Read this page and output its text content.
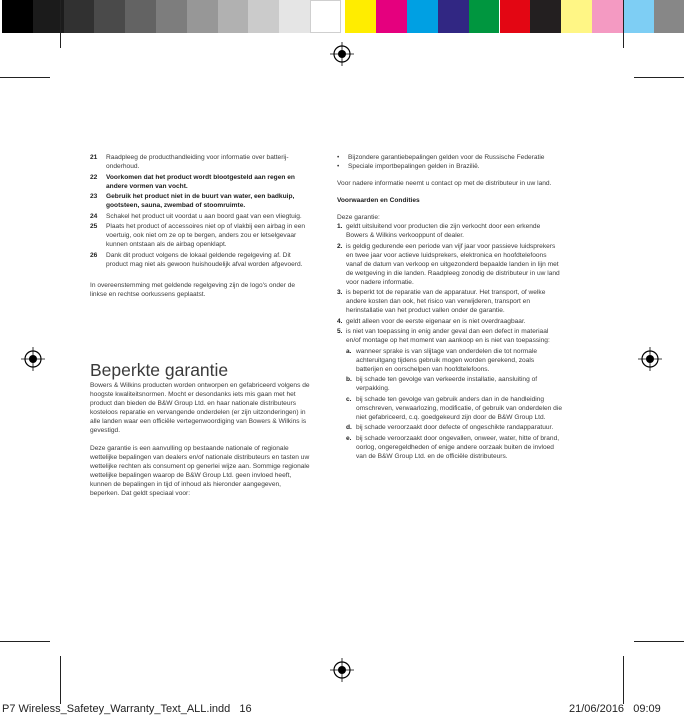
21	Raadpleeg de producthandleiding voor informatie over batterij-onderhoud.
22	Voorkomen dat het product wordt blootgesteld aan regen en andere vormen van vocht.
23	Gebruik het product niet in de buurt van water, een badkuip, gootsteen, sauna, zwembad of stoomruimte.
24	Schakel het product uit voordat u aan boord gaat van een vliegtuig.
25	Plaats het product of accessoires niet op of vlakbij een airbag in een voertuig, ook niet om ze op te bergen, anders zou er letselgevaar kunnen ontstaan als de airbag openklapt.
26	Dank dit product volgens de lokaal geldende regelgeving af. Dit product mag niet als gewoon huishoudelijk afval worden afgevoerd.

In overeenstemming met geldende regelgeving zijn de logo's onder de linkse en rechtse oorkussens geplaatst.

Beperkte garantie

Bowers & Wilkins producten worden ontworpen en gefabriceerd volgens de hoogste kwaliteitsnormen. Mocht er desondanks iets mis gaan met het product dan bieden de B&W Group Ltd. en haar nationale distributeurs kosteloos reparatie en vervangende onderdelen (er zijn uitzonderingen) in alle landen waar een officiële vertegenwoordiging van Bowers & Wilkins is gevestigd.

Deze garantie is een aanvulling op bestaande nationale of regionale wettelijke bepalingen van dealers en/of nationale distributeurs en tasten uw wettelijke rechten als consument op generlei wijze aan. Sommige regionale wettelijke bepalingen waarop de B&W Group Ltd. geen invloed heeft, kunnen de bepalingen in tijd of inhoud als hieronder aangegeven, beperken. Dat geldt speciaal voor:

•	Bijzondere garantiebepalingen gelden voor de Russische Federatie
•	Speciale importbepalingen gelden in Brazilië.

Voor nadere informatie neemt u contact op met de distributeur in uw land.

Voorwaarden en Condities

Deze garantie:

1. geldt uitsluitend voor producten die zijn verkocht door een erkende Bowers & Wilkins verkooppunt of dealer.
2. is geldig gedurende een periode van vijf jaar voor passieve luidsprekers en twee jaar voor actieve luidsprekers, elektronica en hoofdtelefoons vanaf de datum van verkoop en uitgezonderd bepaalde landen in lijn met de wetgeving in die landen. Raadpleeg zonodig de distributeur in uw land voor nadere informatie.
3. is beperkt tot de reparatie van de apparatuur. Het transport, of welke andere kosten dan ook, het risico van verwijderen, transport en herinstallatie van het product vallen onder de garantie.
4. geldt alleen voor de eerste eigenaar en is niet overdraagbaar.
5. is niet van toepassing in enig ander geval dan een defect in materiaal en/of montage op het moment van aankoop en is niet van toepassing:
a. wanneer sprake is van slijtage van onderdelen die tot normale achteruitgang tijdens gebruik mogen worden gerekend, zoals batterijen en oorschelpen van hoofdtelefoons.
b. bij schade ten gevolge van verkeerde installatie, aansluiting of verpakking.
c. bij schade ten gevolge van gebruik anders dan in de handleiding omschreven, verwaarlozing, modificatie, of gebruik van onderdelen die niet gefabriceerd, c.q. goedgekeurd zijn door de B&W Group Ltd.
d. bij schade veroorzaakt door defecte of ongeschikte randapparatuur.
e. bij schade veroorzaakt door ongevallen, onweer, water, hitte of brand, oorlog, ongeregeldheden of enige andere oorzaak buiten de invloed van de B&W Group Ltd. en de officiële distributeurs.
P7 Wireless_Safetey_Warranty_Text_ALL.indd   16	21/06/2016   09:09
